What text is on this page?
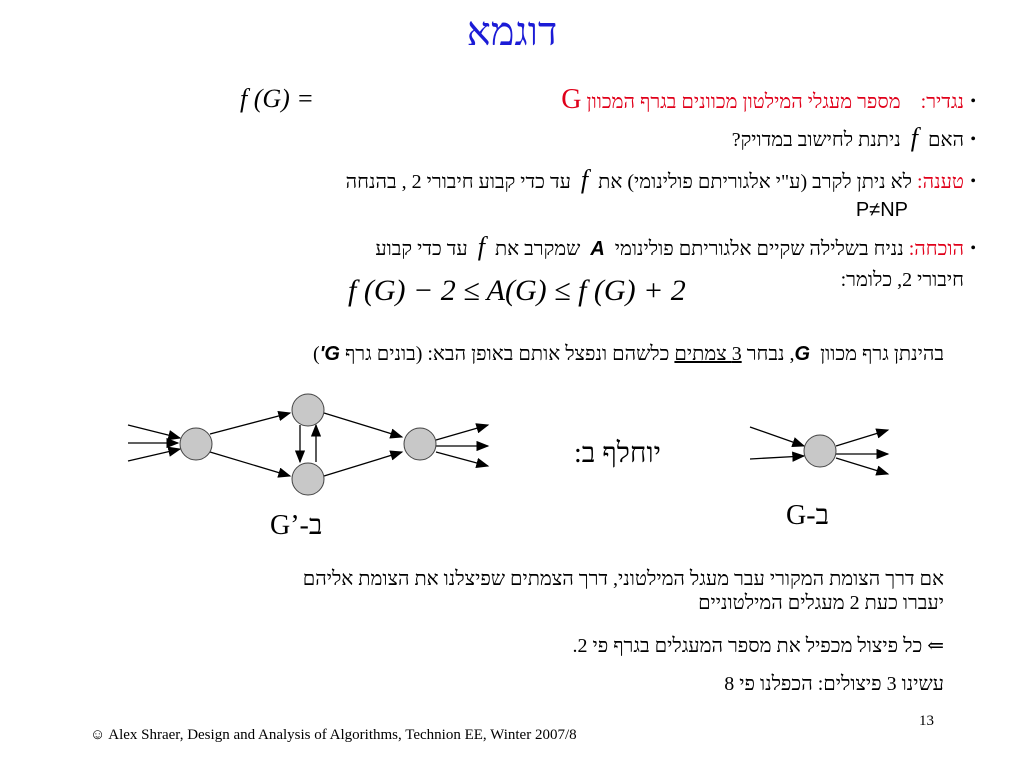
דוגמא
•
נגדיר:    מספר מעגלי המילטון מכוונים בגרף המכוון G
f (G) =
•
האם  f  ניתנת לחישוב במדויק?
•
טענה: לא ניתן לקרב (ע"י אלגוריתם פולינומי) את  f  עד כדי קבוע חיבורי 2 , בהנחה
P≠NP
•
הוכחה: נניח בשלילה שקיים אלגוריתם פולינומי  A  שמקרב את  f  עד כדי קבוע
חיבורי 2, כלומר:
f (G) − 2 ≤ A(G) ≤ f (G) + 2
בהינתן גרף מכוון  G, נבחר 3 צמתים כלשהם ונפצל אותם באופן הבא: (בונים גרף G')
ב-’G
יוחלף ב:
ב-G
אם דרך הצומת המקורי עבר מעגל המילטוני, דרך הצמתים שפיצלנו את הצומת אליהם
יעברו כעת 2 מעגלים המילטוניים
⇐ כל פיצול מכפיל את מספר המעגלים בגרף פי 2.
עשינו 3 פיצולים: הכפלנו פי 8
13
☺ Alex Shraer, Design and Analysis of Algorithms, Technion EE, Winter 2007/8
